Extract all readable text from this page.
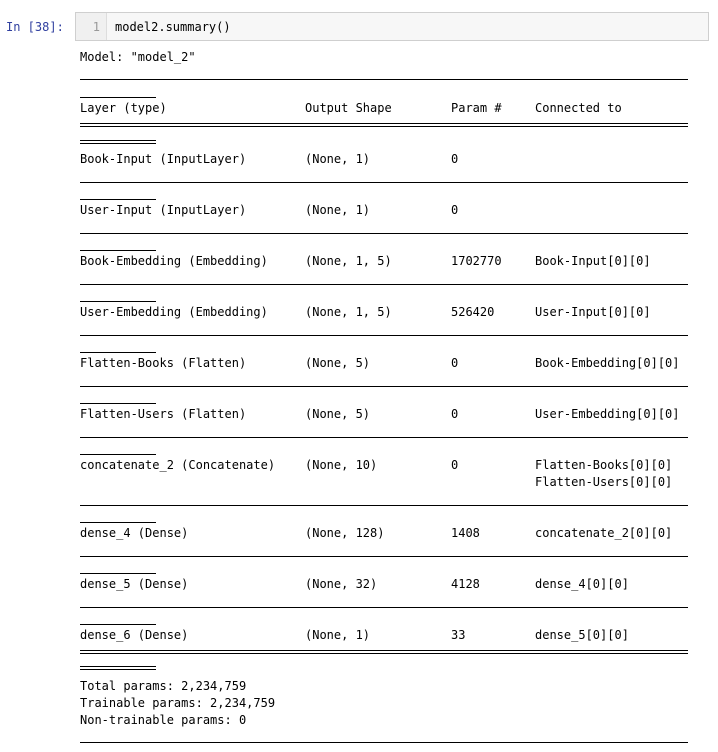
In [38]: 1 model2.summary()
Model: "model_2"
Layer (type)	Output Shape	Param #	Connected to
Book-Input (InputLayer)	(None, 1)	0
User-Input (InputLayer)	(None, 1)	0
Book-Embedding (Embedding)	(None, 1, 5)	1702770	Book-Input[0][0]
User-Embedding (Embedding)	(None, 1, 5)	526420	User-Input[0][0]
Flatten-Books (Flatten)	(None, 5)	0	Book-Embedding[0][0]
Flatten-Users (Flatten)	(None, 5)	0	User-Embedding[0][0]
concatenate_2 (Concatenate) (None, 10)	0	Flatten-Books[0][0]
Flatten-Users[0][0]
dense_4 (Dense)	(None, 128)	1408	concatenate_2[0][0]
dense_5 (Dense)	(None, 32)	4128	dense_4[0][0]
dense_6 (Dense)	(None, 1)	33	dense_5[0][0]
Total params: 2,234,759
Trainable params: 2,234,759
Non-trainable params: 0
